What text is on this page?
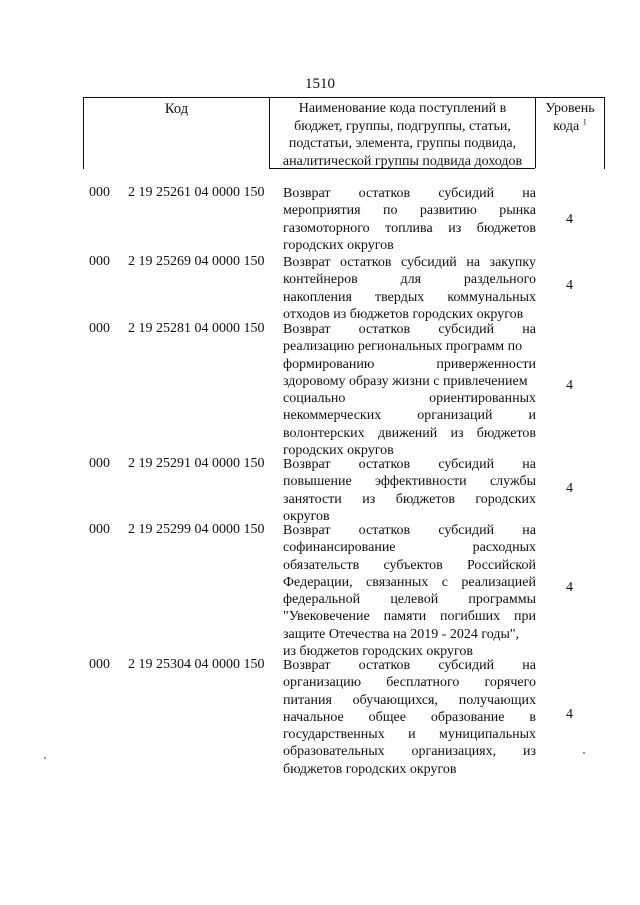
1510
Код	Наименование кода поступлений в
бюджет, группы, подгруппы, статьи,
подстатьи, элемента, группы подвида,
аналитической группы подвида доходов
Уровень
кода $^1$
000 2 19 25261 04 0000 150 Возврат остатков субсидий на
мероприятия по развитию рынка
газомоторного топлива из бюджетов
городских округов
4
000 2 19 25269 04 0000 150 Возврат остатков субсидий на закупку
контейнеров для раздельного
накопления твердых коммунальных
отходов из бюджетов городских округов
4
000 2 19 25281 04 0000 150 Возврат остатков субсидий на
реализацию региональных программ по
формированию приверженности
здоровому образу жизни с привлечением
социально ориентированных
некоммерческих организаций и
волонтерских движений из бюджетов
городских округов
4
000 2 19 25291 04 0000 150 Возврат остатков субсидий на
повышение эффективности службы
занятости из бюджетов городских
округов
4
000 2 19 25299 04 0000 150 Возврат остатков субсидий на
софинансирование расходных
обязательств субъектов Российской
Федерации, связанных с реализацией
федеральной целевой программы
"Увековечение памяти погибших при
защите Отечества на 2019 - 2024 годы",
из бюджетов городских округов
4
000 2 19 25304 04 0000 150 Возврат остатков субсидий на
организацию бесплатного горячего
питания обучающихся, получающих
начальное общее образование в
государственных и муниципальных
образовательных организациях, из
бюджетов городских округов
4
